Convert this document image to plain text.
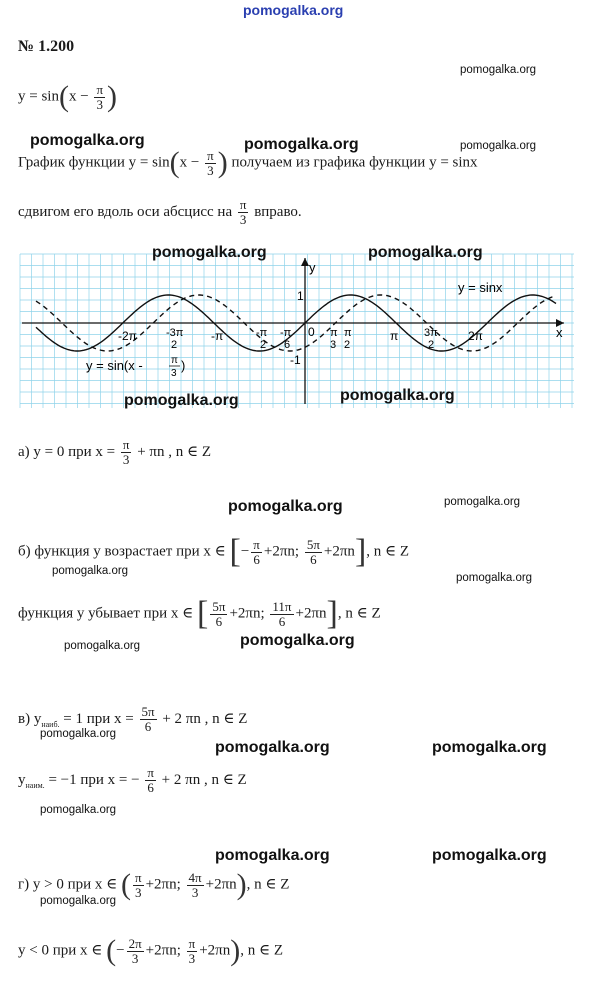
pomogalka.org
№ 1.200
pomogalka.org
$y = \sin(x - \frac{\pi}{3}$ )
pomogalka.org	pomogalka.org	pomogalka.org
График функции $y = \sin(x - \frac{\pi}{3}$ ) получаем из графика функции y = sinx
сдвигом его вдоль оси абсцисс на $\frac{\pi}{3}$ вправо.
y
x
1
-1
0
-2π	-3π
2
-π	-π
2
-π
6
π
3
π
2
π 3π
2
2π
y = sinx
y = sin(x -	π
3
)
pomogalka.org	pomogalka.org
pomogalka.org	pomogalka.org
а) y = 0 при $x = \frac{\pi}{3} + \pi n$ , n ∈ Z
pomogalka.org	pomogalka.org
б) функция y возрастает при x ∈ [− $\frac{\pi}{6} +2\pi n$; $\frac{5\pi}{6} +2\pi n$], n ∈ Z
pomogalka.org
pomogalka.org
функция y убывает при x ∈ [ $\frac{5\pi}{6} +2\pi n$; $\frac{11\pi}{6} +2\pi n$], n ∈ Z
pomogalka.org	pomogalka.org
в) $y_{наиб.} = 1$ при $x = \frac{5\pi}{6} + 2$ πn , n ∈ Z
pomogalka.org
pomogalka.org	pomogalka.org
$y_{наим.} = -1$ при x = − $\frac{\pi}{6} + 2$ πn , n ∈ Z
pomogalka.org
pomogalka.org	pomogalka.org
г) y > 0 при x ∈ ( $\frac{\pi}{3} +2\pi n$; $\frac{4\pi}{3} +2\pi n$), n ∈ Z
pomogalka.org
y < 0 при x ∈ (− $\frac{2\pi}{3} +2\pi n$; $\frac{\pi}{3} +2\pi n$), n ∈ Z
